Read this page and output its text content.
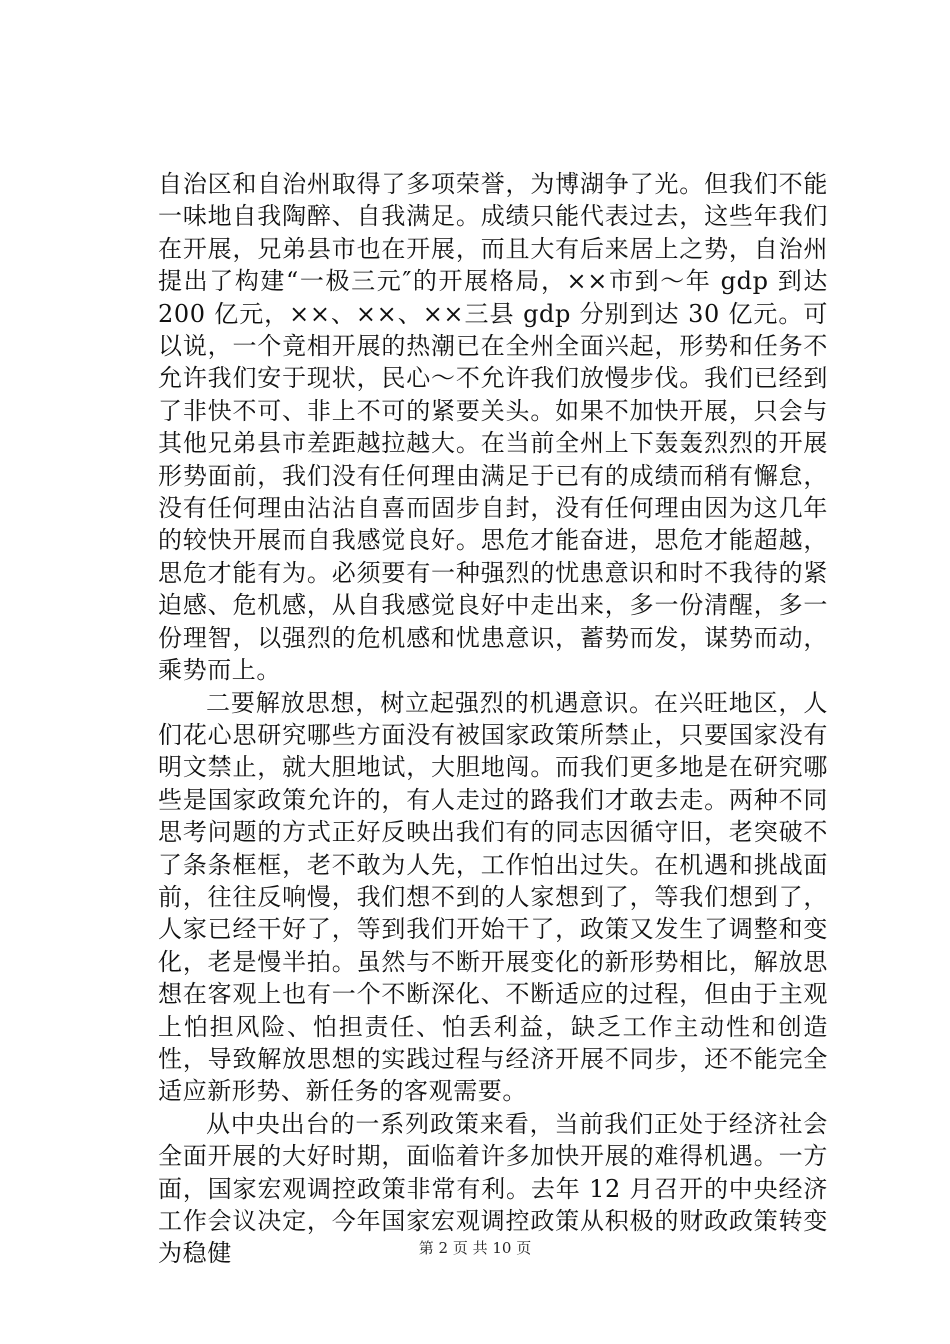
自治区和自治州取得了多项荣誉，为博湖争了光。但我们不能一味地自我陶醉、自我满足。成绩只能代表过去，这些年我们在开展，兄弟县市也在开展，而且大有后来居上之势，自治州提出了构建“一极三元″的开展格局，××市到～年 gdp 到达 200 亿元，××、××、××三县 gdp 分别到达 30 亿元。可以说，一个竟相开展的热潮已在全州全面兴起，形势和任务不允许我们安于现状，民心～不允许我们放慢步伐。我们已经到了非快不可、非上不可的紧要关头。如果不加快开展，只会与其他兄弟县市差距越拉越大。在当前全州上下轰轰烈烈的开展形势面前，我们没有任何理由满足于已有的成绩而稍有懈怠，没有任何理由沾沾自喜而固步自封，没有任何理由因为这几年的较快开展而自我感觉良好。思危才能奋进，思危才能超越，思危才能有为。必须要有一种强烈的忧患意识和时不我待的紧迫感、危机感，从自我感觉良好中走出来，多一份清醒，多一份理智，以强烈的危机感和忧患意识，蓄势而发，谋势而动，乘势而上。

二要解放思想，树立起强烈的机遇意识。在兴旺地区，人们花心思研究哪些方面没有被国家政策所禁止，只要国家没有明文禁止，就大胆地试，大胆地闯。而我们更多地是在研究哪些是国家政策允许的，有人走过的路我们才敢去走。两种不同思考问题的方式正好反映出我们有的同志因循守旧，老突破不了条条框框，老不敢为人先，工作怕出过失。在机遇和挑战面前，往往反响慢，我们想不到的人家想到了，等我们想到了，人家已经干好了，等到我们开始干了，政策又发生了调整和变化，老是慢半拍。虽然与不断开展变化的新形势相比，解放思想在客观上也有一个不断深化、不断适应的过程，但由于主观上怕担风险、怕担责任、怕丢利益，缺乏工作主动性和创造性，导致解放思想的实践过程与经济开展不同步，还不能完全适应新形势、新任务的客观需要。

从中央出台的一系列政策来看，当前我们正处于经济社会全面开展的大好时期，面临着许多加快开展的难得机遇。一方面，国家宏观调控政策非常有利。去年 12 月召开的中央经济工作会议决定，今年国家宏观调控政策从积极的财政政策转变为稳健	第 2 页 共 10 页
